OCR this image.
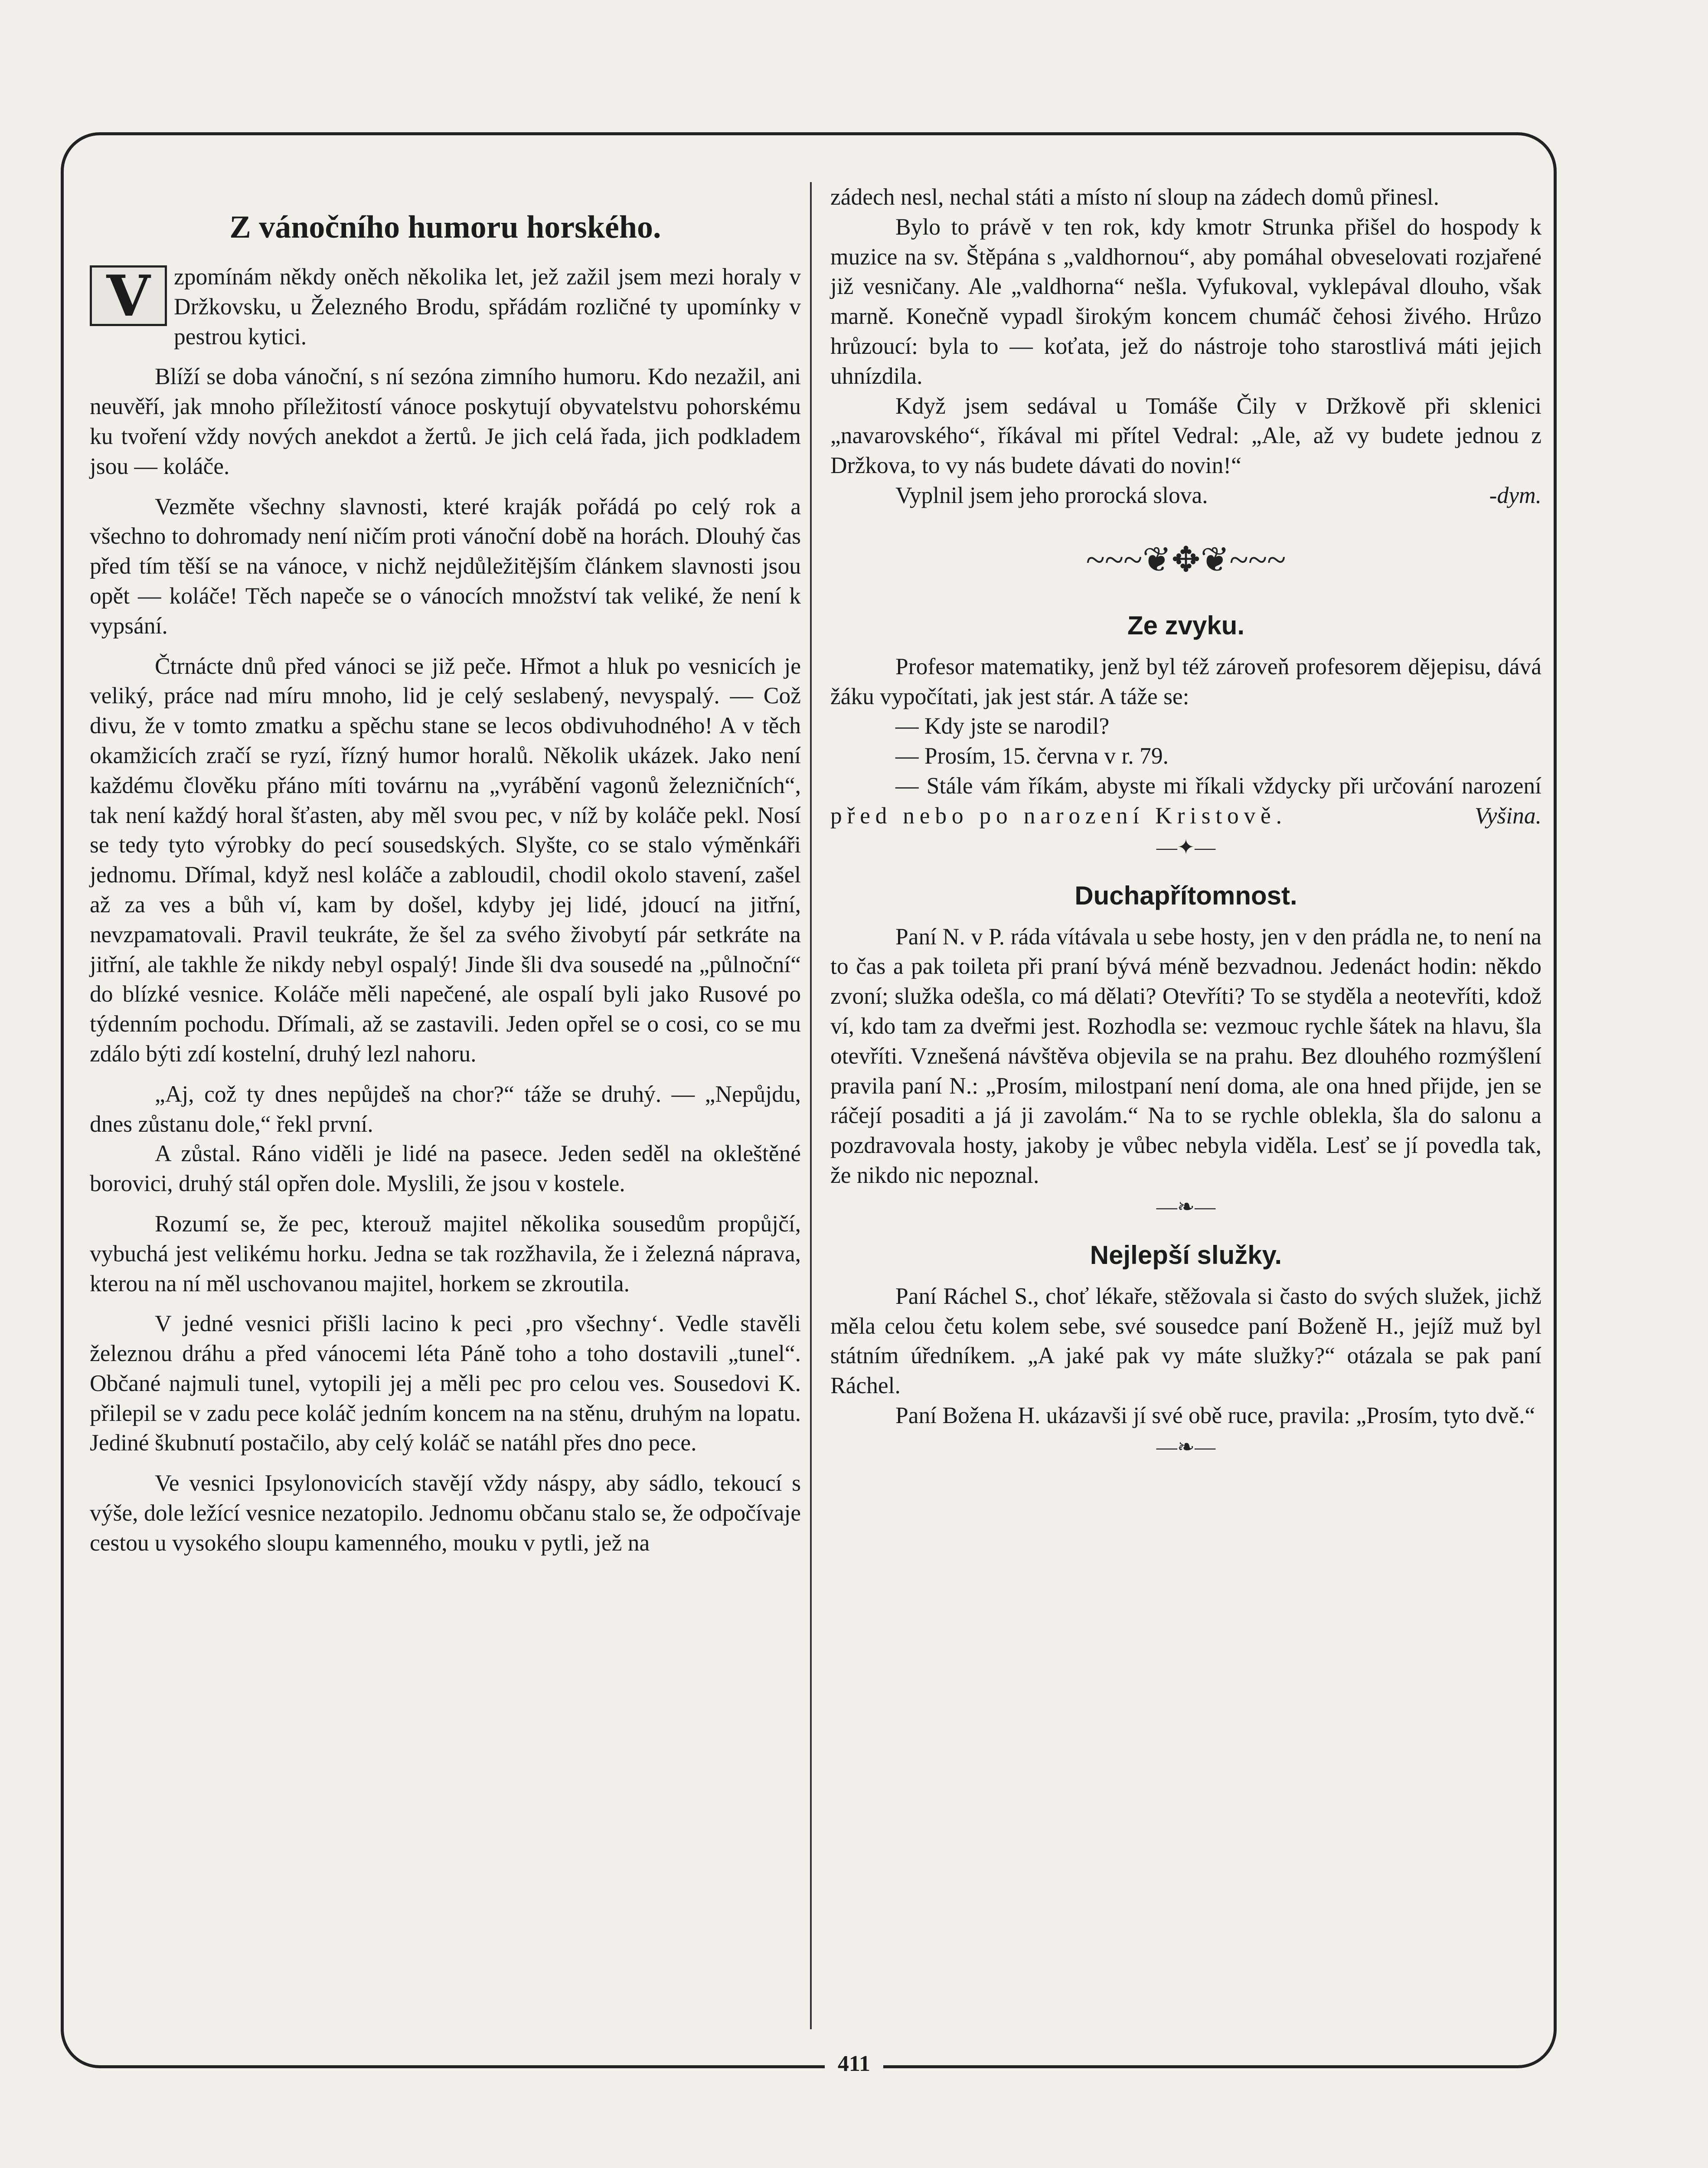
Z vánočního humoru horského.

V	zpomínám někdy oněch několika let, jež zažil jsem mezi horaly v Držkovsku, u Železného Brodu, spřádám rozličné ty upomínky v pestrou kytici.

Blíží se doba vánoční, s ní sezóna zimního humoru. Kdo nezažil, ani neuvěří, jak mnoho příležitostí vánoce poskytují obyvatelstvu pohorskému ku tvoření vždy nových anekdot a žertů. Je jich celá řada, jich podkladem jsou — koláče.

Vezměte všechny slavnosti, které kraják pořádá po celý rok a všechno to dohromady není ničím proti vánoční době na horách. Dlouhý čas před tím těší se na vánoce, v nichž nejdůležitějším článkem slavnosti jsou opět — koláče! Těch napeče se o vánocích množství tak veliké, že není k vypsání.

Čtrnácte dnů před vánoci se již peče. Hřmot a hluk po vesnicích je veliký, práce nad míru mnoho, lid je celý seslabený, nevyspalý. — Což divu, že v tomto zmatku a spěchu stane se lecos obdivuhodného! A v těch okamžicích zračí se ryzí, řízný humor horalů. Několik ukázek. Jako není každému člověku přáno míti továrnu na „vyrábění vagonů železničních“, tak není každý horal šťasten, aby měl svou pec, v níž by koláče pekl. Nosí se tedy tyto výrobky do pecí sousedských. Slyšte, co se stalo výměnkáři jednomu. Dřímal, když nesl koláče a zabloudil, chodil okolo stavení, zašel až za ves a bůh ví, kam by došel, kdyby jej lidé, jdoucí na jitřní, nevzpamatovali. Pravil teukráte, že šel za svého živobytí pár setkráte na jitřní, ale takhle že nikdy nebyl ospalý! Jinde šli dva sousedé na „půlnoční“ do blízké vesnice. Koláče měli napečené, ale ospalí byli jako Rusové po týdenním pochodu. Dřímali, až se zastavili. Jeden opřel se o cosi, co se mu zdálo býti zdí kostelní, druhý lezl nahoru.

„Aj, což ty dnes nepůjdeš na chor?“ táže se druhý. — „Nepůjdu, dnes zůstanu dole,“ řekl první.

A zůstal. Ráno viděli je lidé na pasece. Jeden seděl na okleštěné borovici, druhý stál opřen dole. Myslili, že jsou v kostele.

Rozumí se, že pec, kterouž majitel několika sousedům propůjčí, vybuchá jest velikému horku. Jedna se tak rozžhavila, že i železná náprava, kterou na ní měl uschovanou majitel, horkem se zkroutila.

V jedné vesnici přišli lacino k peci ‚pro všechny‘. Vedle stavěli železnou dráhu a před vánocemi léta Páně toho a toho dostavili „tunel“. Občané najmuli tunel, vytopili jej a měli pec pro celou ves. Sousedovi K. přilepil se v zadu pece koláč jedním koncem na na stěnu, druhým na lopatu. Jediné škubnutí postačilo, aby celý koláč se natáhl přes dno pece.

Ve vesnici Ipsylonovicích stavějí vždy náspy, aby sádlo, tekoucí s výše, dole ležící vesnice nezatopilo. Jednomu občanu stalo se, že odpočívaje cestou u vysokého sloupu kamenného, mouku v pytli, jež na

zádech nesl, nechal státi a místo ní sloup na zádech domů přinesl.

Bylo to právě v ten rok, kdy kmotr Strunka přišel do hospody k muzice na sv. Štěpána s „valdhornou“, aby pomáhal obveselovati rozjařené již vesničany. Ale „valdhorna“ nešla. Vyfukoval, vyklepával dlouho, však marně. Konečně vypadl širokým koncem chumáč čehosi živého. Hrůzo hrůzoucí: byla to — koťata, jež do nástroje toho starostlivá máti jejich uhnízdila.

Když jsem sedával u Tomáše Čily v Držkově při sklenici „navarovského“, říkával mi přítel Vedral: „Ale, až vy budete jednou z Držkova, to vy nás budete dávati do novin!“

Vyplnil jsem jeho prorocká slova.	-dym.

~~~❦✥❦~~~
Ze zvyku.

Profesor matematiky, jenž byl též zároveň profesorem dějepisu, dává žáku vypočítati, jak jest stár. A táže se:

— Kdy jste se narodil?

— Prosím, 15. června v r. 79.

— Stále vám říkám, abyste mi říkali vždycky při určování narození před nebo po narození Kristově.	Vyšina.

—✦—
Duchapřítomnost.

Paní N. v P. ráda vítávala u sebe hosty, jen v den prádla ne, to není na to čas a pak toileta při praní bývá méně bezvadnou. Jedenáct hodin: někdo zvoní; služka odešla, co má dělati? Otevříti? To se styděla a neotevříti, kdož ví, kdo tam za dveřmi jest. Rozhodla se: vezmouc rychle šátek na hlavu, šla otevříti. Vznešená návštěva objevila se na prahu. Bez dlouhého rozmýšlení pravila paní N.: „Prosím, milostpaní není doma, ale ona hned přijde, jen se ráčejí posaditi a já ji zavolám.“ Na to se rychle oblekla, šla do salonu a pozdravovala hosty, jakoby je vůbec nebyla viděla. Lesť se jí povedla tak, že nikdo nic nepoznal.

—❧—
Nejlepší služky.

Paní Ráchel S., choť lékaře, stěžovala si často do svých služek, jichž měla celou četu kolem sebe, své sousedce paní Boženě H., jejíž muž byl státním úředníkem. „A jaké pak vy máte služky?“ otázala se pak paní Ráchel.

Paní Božena H. ukázavši jí své obě ruce, pravila: „Prosím, tyto dvě.“

—❧—
411
